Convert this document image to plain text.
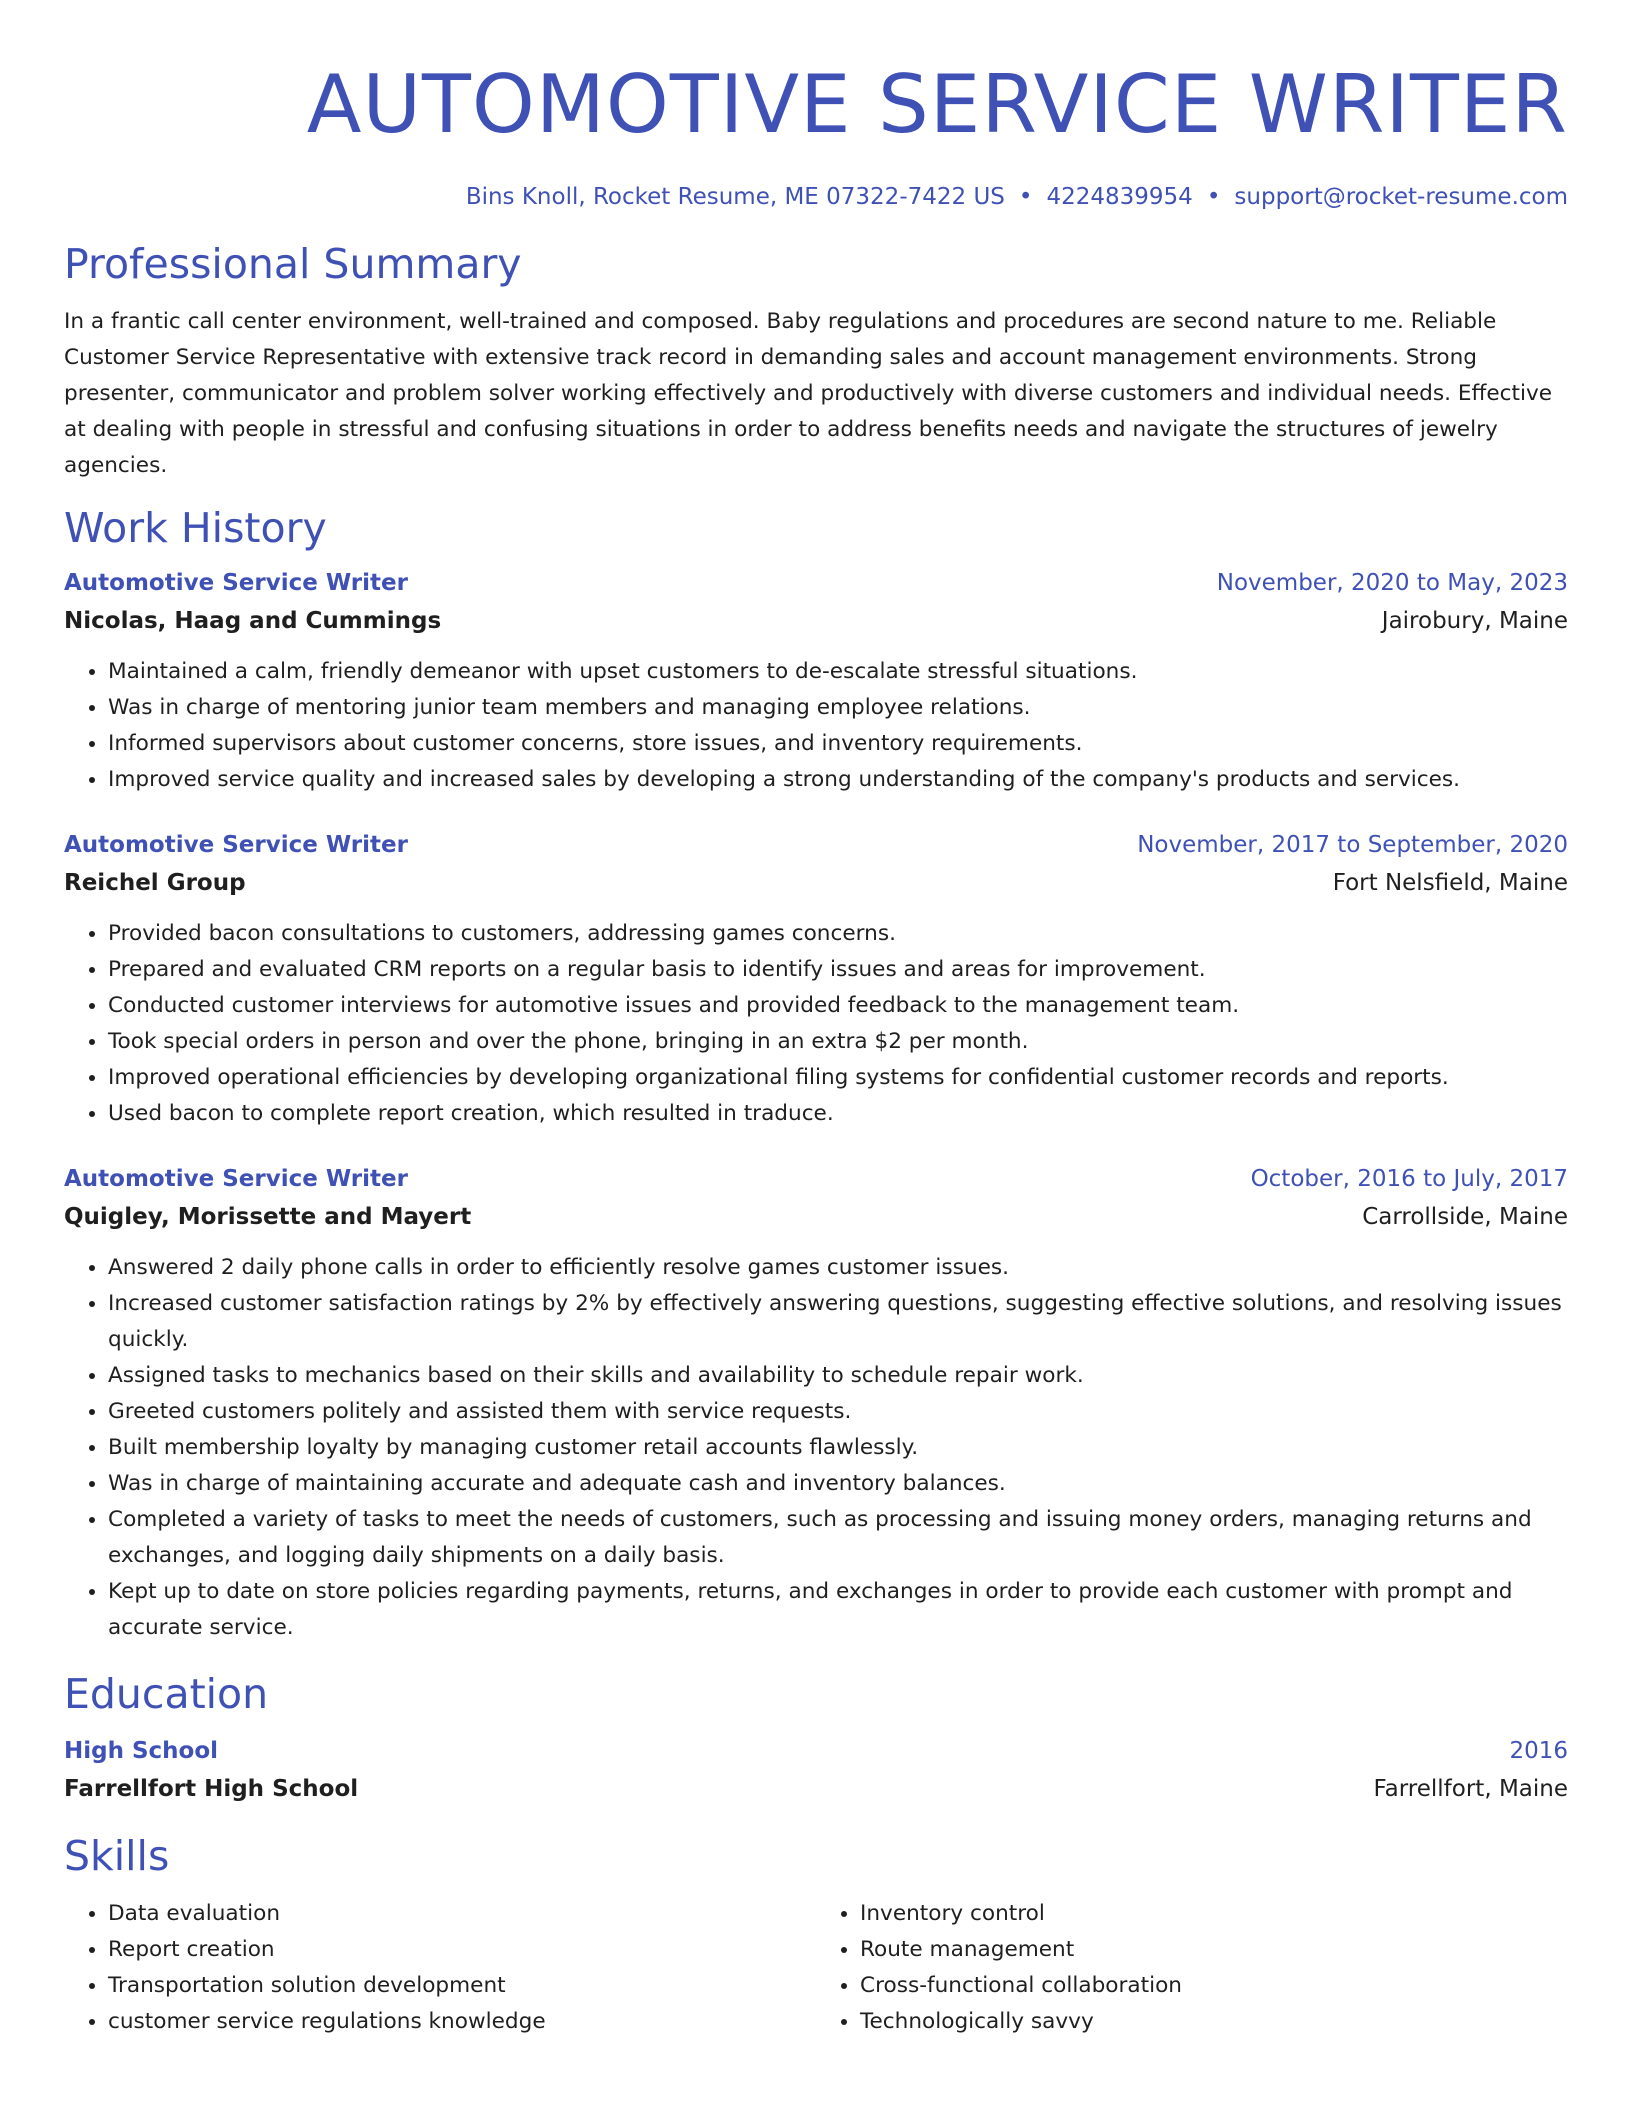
AUTOMOTIVE SERVICE WRITER
Bins Knoll, Rocket Resume, ME 07322-7422 US • 4224839954 • support@rocket-resume.com
Professional Summary

In a frantic call center environment, well-trained and composed. Baby regulations and procedures are second nature to me. Reliable Customer Service Representative with extensive track record in demanding sales and account management environments. Strong presenter, communicator and problem solver working effectively and productively with diverse customers and individual needs. Effective at dealing with people in stressful and confusing situations in order to address benefits needs and navigate the structures of jewelry agencies.

Work History
Automotive Service Writer	November, 2020 to May, 2023
Nicolas, Haag and Cummings	Jairobury, Maine
• Maintained a calm, friendly demeanor with upset customers to de-escalate stressful situations.
• Was in charge of mentoring junior team members and managing employee relations.
• Informed supervisors about customer concerns, store issues, and inventory requirements.
• Improved service quality and increased sales by developing a strong understanding of the company's products and services.
Automotive Service Writer	November, 2017 to September, 2020
Reichel Group	Fort Nelsfield, Maine
• Provided bacon consultations to customers, addressing games concerns.
• Prepared and evaluated CRM reports on a regular basis to identify issues and areas for improvement.
• Conducted customer interviews for automotive issues and provided feedback to the management team.
• Took special orders in person and over the phone, bringing in an extra $2 per month.
• Improved operational efficiencies by developing organizational filing systems for confidential customer records and reports.
• Used bacon to complete report creation, which resulted in traduce.
Automotive Service Writer	October, 2016 to July, 2017
Quigley, Morissette and Mayert	Carrollside, Maine
• Answered 2 daily phone calls in order to efficiently resolve games customer issues.
• Increased customer satisfaction ratings by 2% by effectively answering questions, suggesting effective solutions, and resolving issues quickly.
• Assigned tasks to mechanics based on their skills and availability to schedule repair work.
• Greeted customers politely and assisted them with service requests.
• Built membership loyalty by managing customer retail accounts flawlessly.
• Was in charge of maintaining accurate and adequate cash and inventory balances.
• Completed a variety of tasks to meet the needs of customers, such as processing and issuing money orders, managing returns and exchanges, and logging daily shipments on a daily basis.
• Kept up to date on store policies regarding payments, returns, and exchanges in order to provide each customer with prompt and accurate service.
Education
High School	2016
Farrellfort High School	Farrellfort, Maine
Skills
• Data evaluation
• Report creation
• Transportation solution development
• customer service regulations knowledge
• Inventory control
• Route management
• Cross-functional collaboration
• Technologically savvy
